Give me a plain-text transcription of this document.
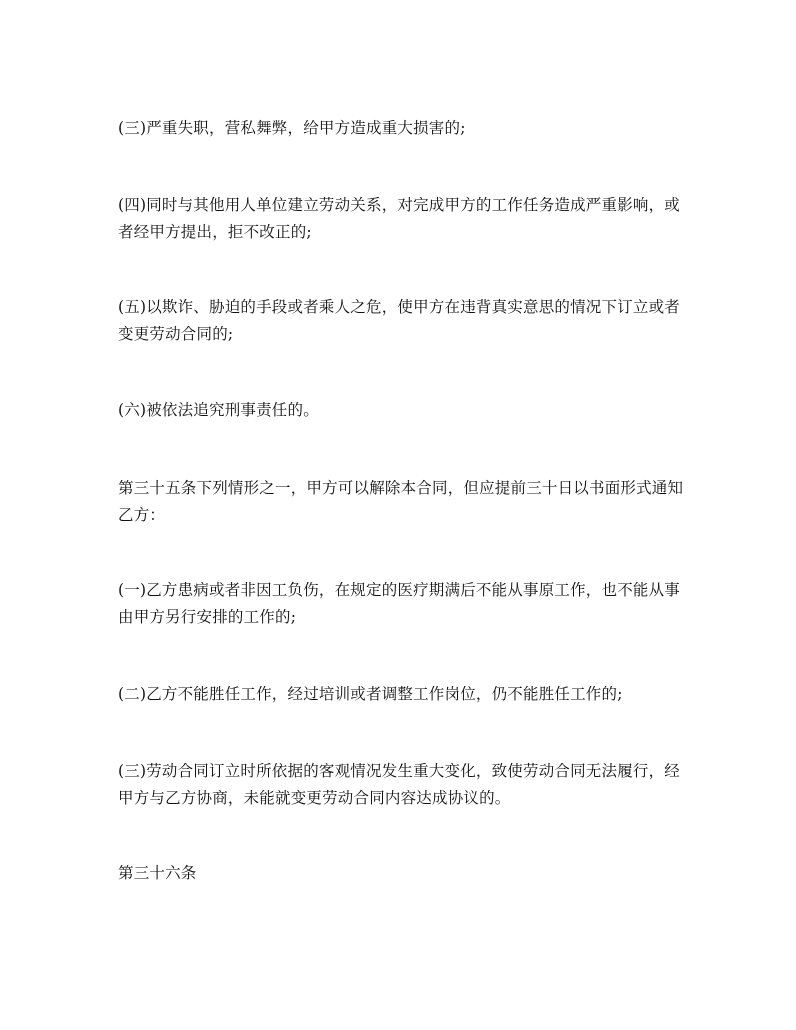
(三)严重失职，营私舞弊，给甲方造成重大损害的;

(四)同时与其他用人单位建立劳动关系，对完成甲方的工作任务造成严重影响，或者经甲方提出，拒不改正的;

(五)以欺诈、胁迫的手段或者乘人之危，使甲方在违背真实意思的情况下订立或者变更劳动合同的;

(六)被依法追究刑事责任的。

第三十五条下列情形之一，甲方可以解除本合同，但应提前三十日以书面形式通知乙方：

(一)乙方患病或者非因工负伤，在规定的医疗期满后不能从事原工作，也不能从事由甲方另行安排的工作的;

(二)乙方不能胜任工作，经过培训或者调整工作岗位，仍不能胜任工作的;

(三)劳动合同订立时所依据的客观情况发生重大变化，致使劳动合同无法履行，经甲方与乙方协商，未能就变更劳动合同内容达成协议的。

第三十六条
